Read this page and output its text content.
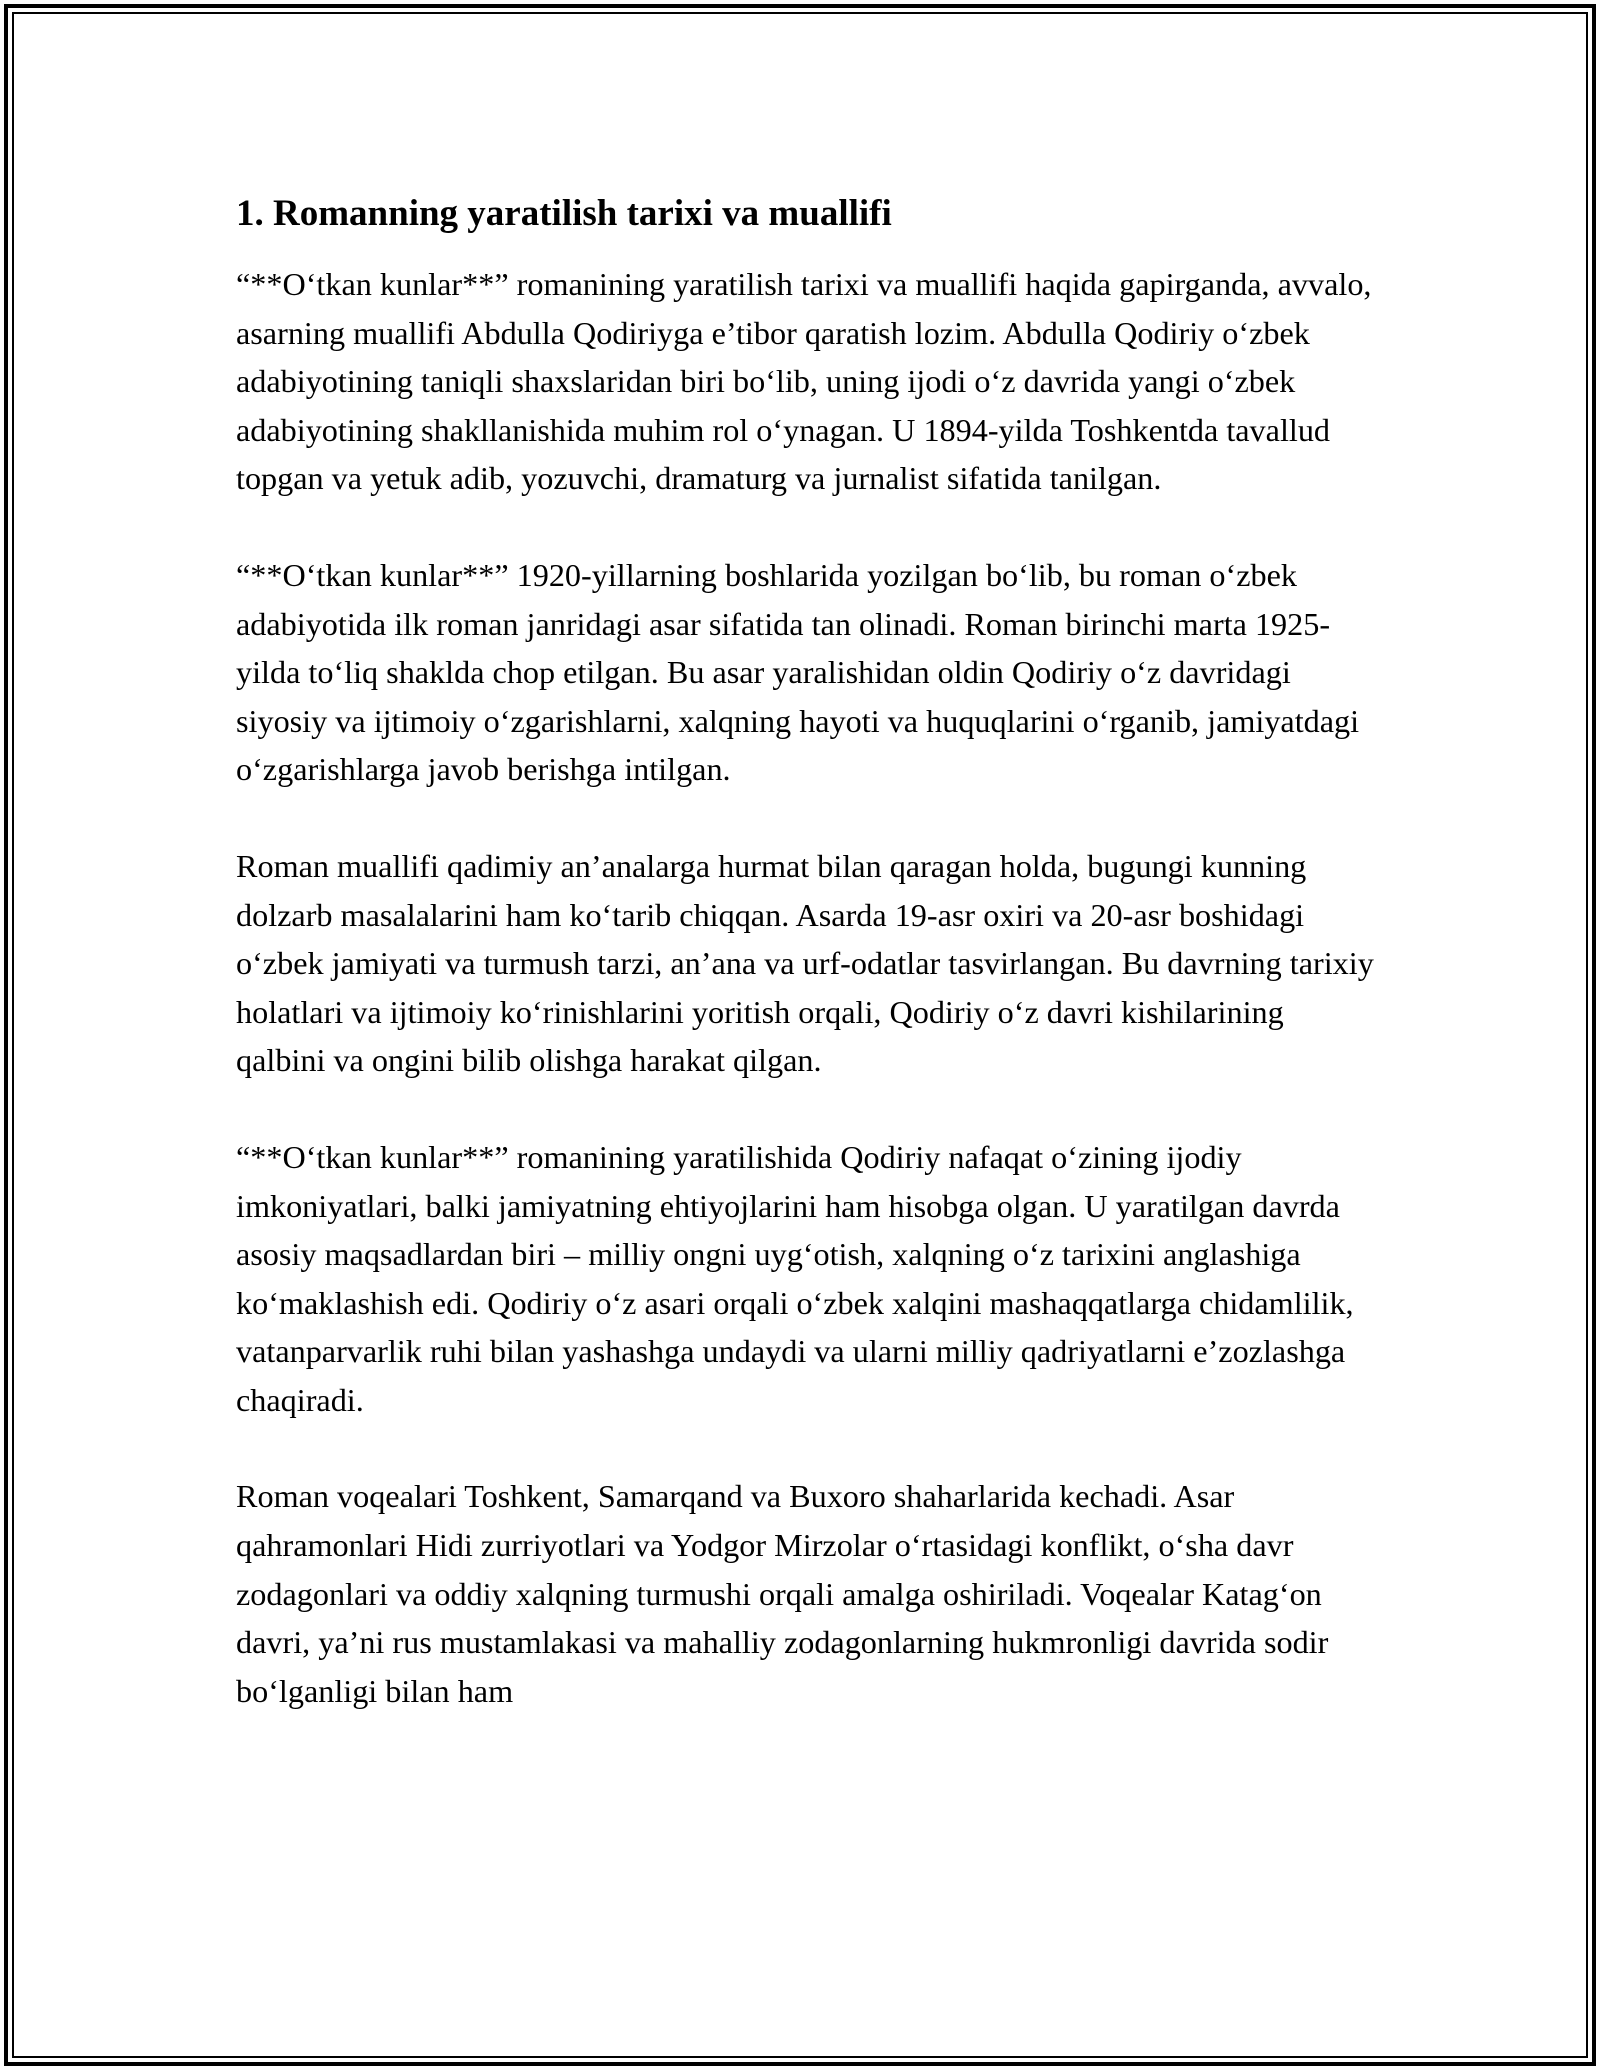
1. Romanning yaratilish tarixi va muallifi

“**O‘tkan kunlar**” romanining yaratilish tarixi va muallifi haqida gapirganda, avvalo, asarning muallifi Abdulla Qodiriyga e’tibor qaratish lozim. Abdulla Qodiriy o‘zbek adabiyotining taniqli shaxslaridan biri bo‘lib, uning ijodi o‘z davrida yangi o‘zbek adabiyotining shakllanishida muhim rol o‘ynagan. U 1894-yilda Toshkentda tavallud topgan va yetuk adib, yozuvchi, dramaturg va jurnalist sifatida tanilgan.

“**O‘tkan kunlar**” 1920-yillarning boshlarida yozilgan bo‘lib, bu roman o‘zbek adabiyotida ilk roman janridagi asar sifatida tan olinadi. Roman birinchi marta 1925-yilda to‘liq shaklda chop etilgan. Bu asar yaralishidan oldin Qodiriy o‘z davridagi siyosiy va ijtimoiy o‘zgarishlarni, xalqning hayoti va huquqlarini o‘rganib, jamiyatdagi o‘zgarishlarga javob berishga intilgan.

Roman muallifi qadimiy an’analarga hurmat bilan qaragan holda, bugungi kunning dolzarb masalalarini ham ko‘tarib chiqqan. Asarda 19-asr oxiri va 20-asr boshidagi o‘zbek jamiyati va turmush tarzi, an’ana va urf-odatlar tasvirlangan. Bu davrning tarixiy holatlari va ijtimoiy ko‘rinishlarini yoritish orqali, Qodiriy o‘z davri kishilarining qalbini va ongini bilib olishga harakat qilgan.

“**O‘tkan kunlar**” romanining yaratilishida Qodiriy nafaqat o‘zining ijodiy imkoniyatlari, balki jamiyatning ehtiyojlarini ham hisobga olgan. U yaratilgan davrda asosiy maqsadlardan biri – milliy ongni uyg‘otish, xalqning o‘z tarixini anglashiga ko‘maklashish edi. Qodiriy o‘z asari orqali o‘zbek xalqini mashaqqatlarga chidamlilik, vatanparvarlik ruhi bilan yashashga undaydi va ularni milliy qadriyatlarni e’zozlashga chaqiradi.

Roman voqealari Toshkent, Samarqand va Buxoro shaharlarida kechadi. Asar qahramonlari Hidi zurriyotlari va Yodgor Mirzolar o‘rtasidagi konflikt, o‘sha davr zodagonlari va oddiy xalqning turmushi orqali amalga oshiriladi. Voqealar Katag‘on davri, ya’ni rus mustamlakasi va mahalliy zodagonlarning hukmronligi davrida sodir bo‘lganligi bilan ham
